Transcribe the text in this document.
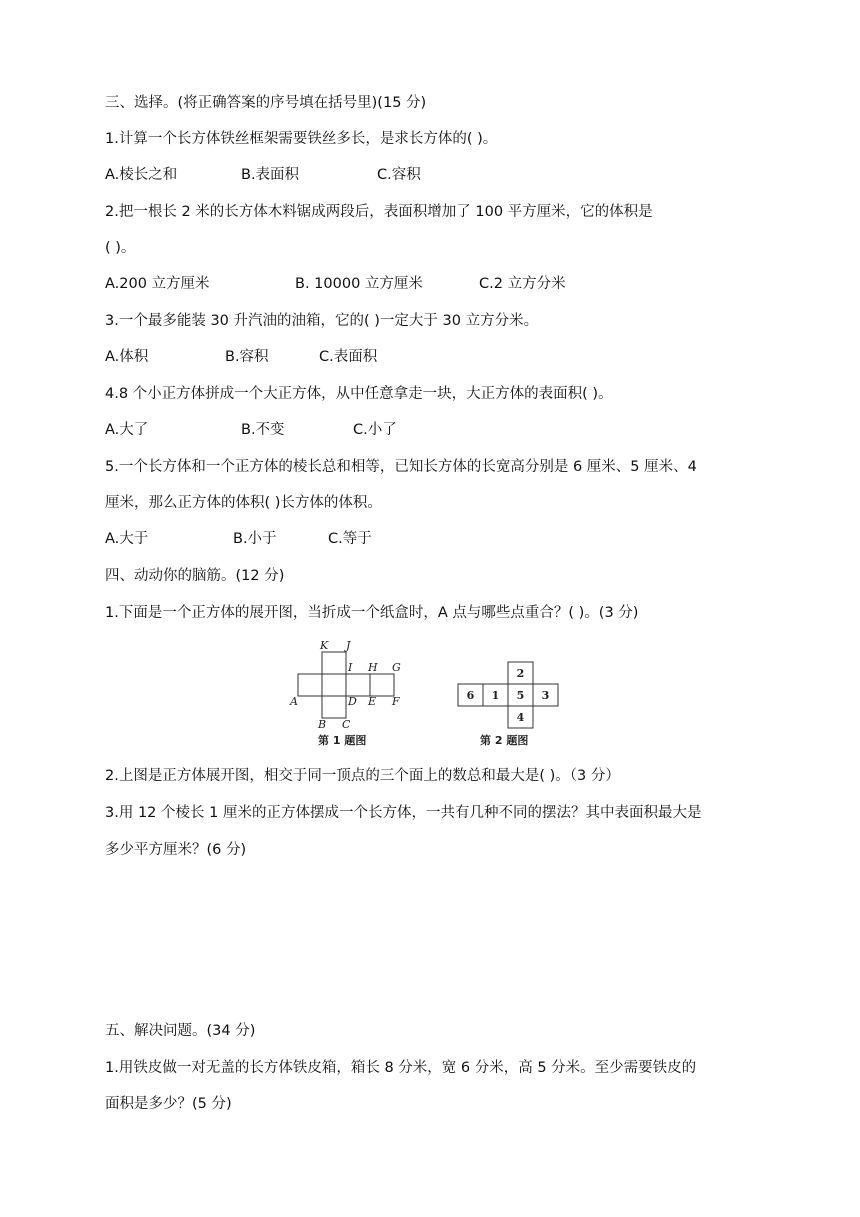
三、选择。(将正确答案的序号填在括号里)(15 分)

1.计算一个长方体铁丝框架需要铁丝多长，是求长方体的( )。

A.棱长之和	B.表面积	C.容积

2.把一根长 2 米的长方体木料锯成两段后，表面积增加了 100 平方厘米，它的体积是

( )。

A.200 立方厘米	B. 10000 立方厘米	C.2 立方分米

3.一个最多能装 30 升汽油的油箱，它的( )一定大于 30 立方分米。

A.体积	B.容积	C.表面积

4.8 个小正方体拼成一个大正方体，从中任意拿走一块，大正方体的表面积( )。

A.大了	B.不变	C.小了

5.一个长方体和一个正方体的棱长总和相等，已知长方体的长宽高分别是 6 厘米、5 厘米、4

厘米，那么正方体的体积( )长方体的体积。

A.大于	B.小于	C.等于

四、动动你的脑筋。(12 分)

1.下面是一个正方体的展开图，当折成一个纸盒时，A 点与哪些点重合？( )。(3 分)

K J
I H G
A	D E F
B C
第 1 题图
2
6 1 5 3
4
第 2 题图

2.上图是正方体展开图，相交于同一顶点的三个面上的数总和最大是( )。（3 分）

3.用 12 个棱长 1 厘米的正方体摆成一个长方体，一共有几种不同的摆法？其中表面积最大是

多少平方厘米？(6 分)

五、解决问题。(34 分)

1.用铁皮做一对无盖的长方体铁皮箱，箱长 8 分米，宽 6 分米，高 5 分米。至少需要铁皮的

面积是多少？(5 分)
